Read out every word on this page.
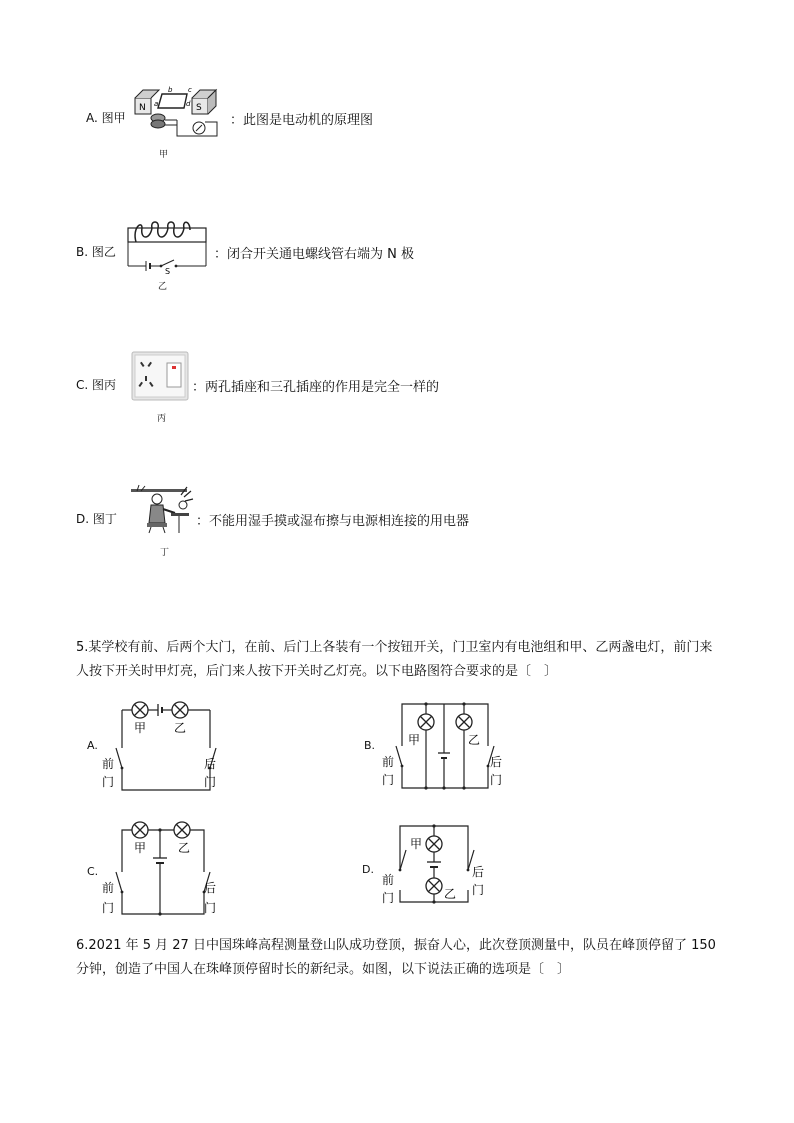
A. 图甲
N	S
a
b c
d
甲
：此图是电动机的原理图
B. 图乙
S
乙
：闭合开关通电螺线管右端为 N 极
C. 图丙
丙
：两孔插座和三孔插座的作用是完全一样的
D. 图丁
丁
：不能用湿手摸或湿布擦与电源相连接的用电器
5.某学校有前、后两个大门，在前、后门上各装有一个按钮开关，门卫室内有电池组和甲、乙两盏电灯，前门来人按下开关时甲灯亮，后门来人按下开关时乙灯亮。以下电路图符合要求的是〔　〕
A.
甲 乙
前
门
后
门
B.	甲	乙
前
门
后
门
C.
甲	乙
前
门
后
门
D.
甲
乙
前
门
后
门
6.2021 年 5 月 27 日中国珠峰高程测量登山队成功登顶，振奋人心，此次登顶测量中，队员在峰顶停留了 150 分钟，创造了中国人在珠峰顶停留时长的新纪录。如图，以下说法正确的选项是〔　〕
